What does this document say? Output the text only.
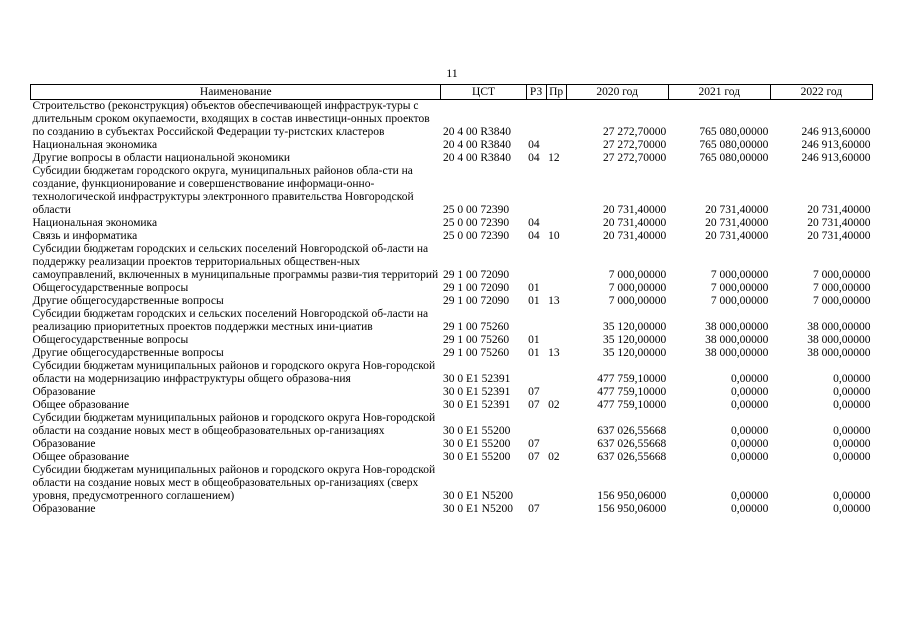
11
Наименование	ЦСТ	РЗ	Пр	2020 год	2021 год	2022 год
Строительство (реконструкция) объектов обеспечивающей инфраструк-туры с длительным сроком окупаемости, входящих в состав инвестици-онных проектов по созданию в субъектах Российской Федерации ту-ристских кластеров	20 4 00 R3840			27 272,70000	765 080,00000	246 913,60000
Национальная экономика	20 4 00 R3840	04		27 272,70000	765 080,00000	246 913,60000
Другие вопросы в области национальной экономики	20 4 00 R3840	04	12	27 272,70000	765 080,00000	246 913,60000
Субсидии бюджетам городского округа, муниципальных районов обла-сти на создание, функционирование и совершенствование информаци-онно-технологической инфраструктуры электронного правительства Новгородской области	25 0 00 72390			20 731,40000	20 731,40000	20 731,40000
Национальная экономика	25 0 00 72390	04		20 731,40000	20 731,40000	20 731,40000
Связь и информатика	25 0 00 72390	04	10	20 731,40000	20 731,40000	20 731,40000
Субсидии бюджетам городских и сельских поселений Новгородской об-ласти на поддержку реализации проектов территориальных обществен-ных самоуправлений, включенных в муниципальные программы разви-тия территорий	29 1 00 72090			7 000,00000	7 000,00000	7 000,00000
Общегосударственные вопросы	29 1 00 72090	01		7 000,00000	7 000,00000	7 000,00000
Другие общегосударственные вопросы	29 1 00 72090	01	13	7 000,00000	7 000,00000	7 000,00000
Субсидии бюджетам городских и сельских поселений Новгородской об-ласти на реализацию приоритетных проектов поддержки местных ини-циатив	29 1 00 75260			35 120,00000	38 000,00000	38 000,00000
Общегосударственные вопросы	29 1 00 75260	01		35 120,00000	38 000,00000	38 000,00000
Другие общегосударственные вопросы	29 1 00 75260	01	13	35 120,00000	38 000,00000	38 000,00000
Субсидии бюджетам муниципальных районов и городского округа Нов-городской области на модернизацию инфраструктуры общего образова-ния	30 0 E1 52391			477 759,10000	0,00000	0,00000
Образование	30 0 E1 52391	07		477 759,10000	0,00000	0,00000
Общее образование	30 0 E1 52391	07	02	477 759,10000	0,00000	0,00000
Субсидии бюджетам муниципальных районов и городского округа Нов-городской области на создание новых мест в общеобразовательных ор-ганизациях	30 0 E1 55200			637 026,55668	0,00000	0,00000
Образование	30 0 E1 55200	07		637 026,55668	0,00000	0,00000
Общее образование	30 0 E1 55200	07	02	637 026,55668	0,00000	0,00000
Субсидии бюджетам муниципальных районов и городского округа Нов-городской области на создание новых мест в общеобразовательных ор-ганизациях (сверх уровня, предусмотренного соглашением)	30 0 E1 N5200			156 950,06000	0,00000	0,00000
Образование	30 0 E1 N5200	07		156 950,06000	0,00000	0,00000
